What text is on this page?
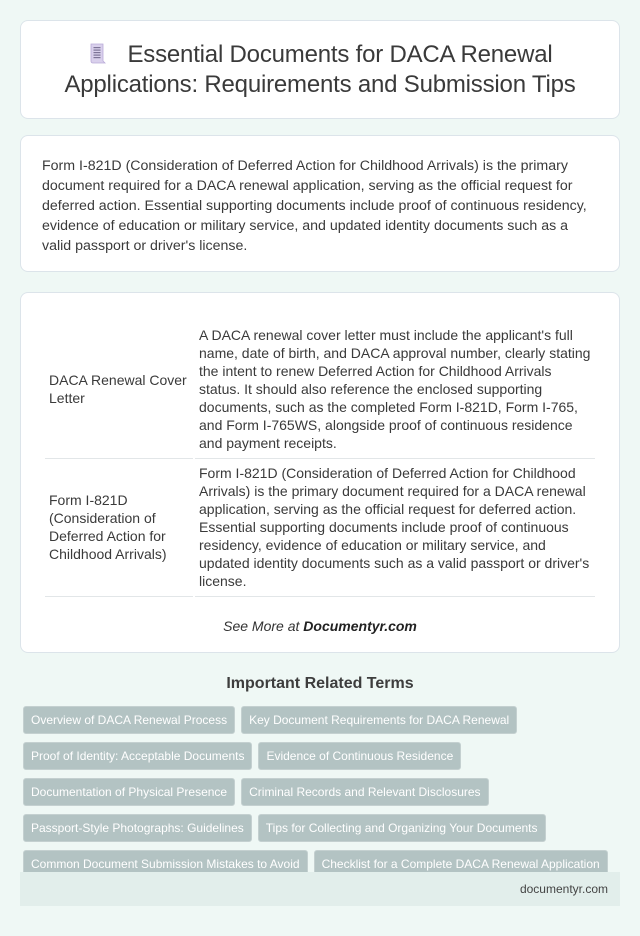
Essential Documents for DACA Renewal Applications: Requirements and Submission Tips

Form I-821D (Consideration of Deferred Action for Childhood Arrivals) is the primary document required for a DACA renewal application, serving as the official request for deferred action. Essential supporting documents include proof of continuous residency, evidence of education or military service, and updated identity documents such as a valid passport or driver's license.

DACA Renewal Cover Letter	A DACA renewal cover letter must include the applicant's full name, date of birth, and DACA approval number, clearly stating the intent to renew Deferred Action for Childhood Arrivals status. It should also reference the enclosed supporting documents, such as the completed Form I-821D, Form I-765, and Form I-765WS, alongside proof of continuous residence and payment receipts.
Form I-821D (Consideration of Deferred Action for Childhood Arrivals)	Form I-821D (Consideration of Deferred Action for Childhood Arrivals) is the primary document required for a DACA renewal application, serving as the official request for deferred action. Essential supporting documents include proof of continuous residency, evidence of education or military service, and updated identity documents such as a valid passport or driver's license.

See More at Documentyr.com

Important Related Terms
Overview of DACA Renewal Process	Key Document Requirements for DACA Renewal
Proof of Identity: Acceptable Documents	Evidence of Continuous Residence
Documentation of Physical Presence	Criminal Records and Relevant Disclosures
Passport-Style Photographs: Guidelines	Tips for Collecting and Organizing Your Documents
Common Document Submission Mistakes to Avoid	Checklist for a Complete DACA Renewal Application
documentyr.com
